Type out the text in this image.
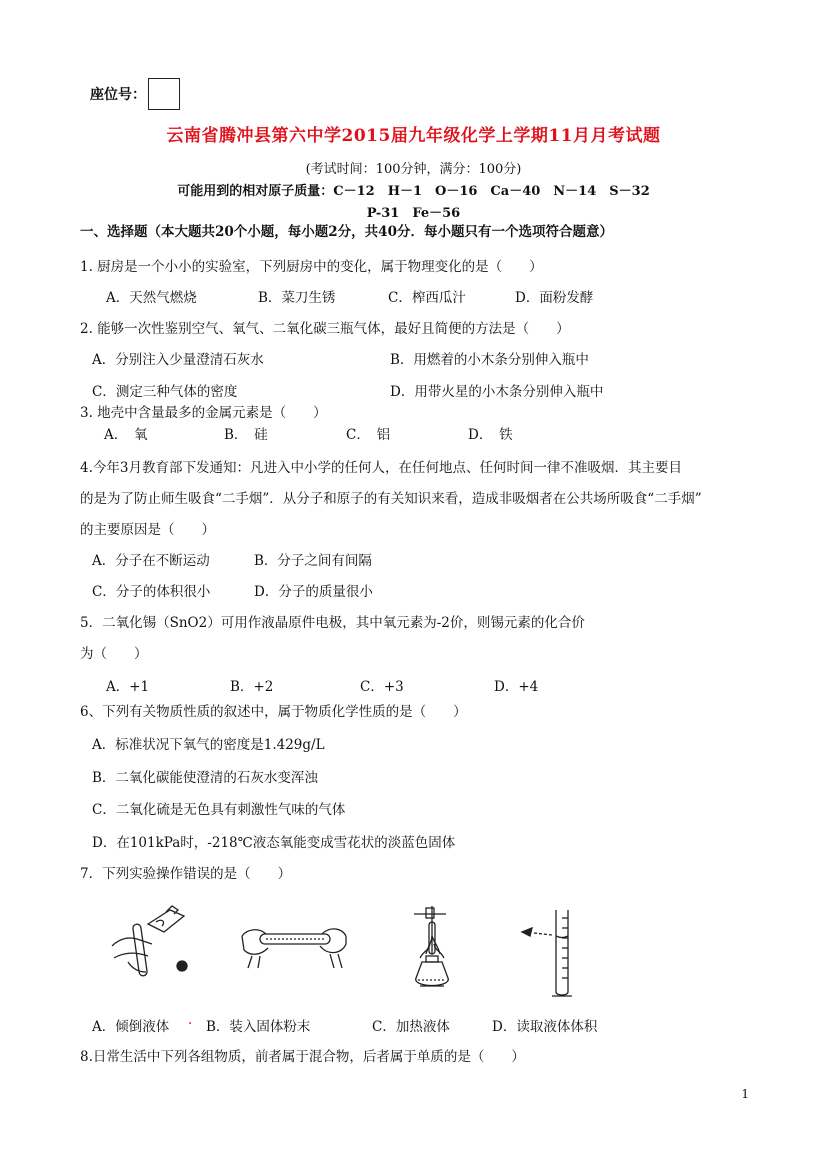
座位号：
云南省腾冲县第六中学2015届九年级化学上学期11月月考试题
(考试时间：100分钟，满分：100分)
可能用到的相对原子质量：C－12　H－1　O－16　Ca－40　N－14　S－32
P-31　Fe－56
一、选择题（本大题共20个小题，每小题2分，共40分．每小题只有一个选项符合题意）
1. 厨房是一个小小的实验室，下列厨房中的变化，属于物理变化的是（　　）
A．天然气燃烧	B．菜刀生锈	C．榨西瓜汁	D．面粉发酵
2. 能够一次性鉴别空气、氧气、二氧化碳三瓶气体，最好且简便的方法是（　　）
A．分别注入少量澄清石灰水	B．用燃着的小木条分别伸入瓶中
C．测定三种气体的密度	D．用带火星的小木条分别伸入瓶中
3. 地壳中含量最多的金属元素是（　　）
A．　氧	B．　硅	C．　铝	D．　铁
4.今年3月教育部下发通知：凡进入中小学的任何人，在任何地点、任何时间一律不准吸烟．其主要目
的是为了防止师生吸食“二手烟”．从分子和原子的有关知识来看，造成非吸烟者在公共场所吸食“二手烟”
的主要原因是（　　）
A．分子在不断运动	B．分子之间有间隔
C．分子的体积很小	D．分子的质量很小
5．二氧化锡（SnO2）可用作液晶原件电极，其中氧元素为-2价，则锡元素的化合价
为（　　）
A．+1	B．+2	C．+3	D．+4
6、下列有关物质性质的叙述中，属于物质化学性质的是（　　）
A．标准状况下氧气的密度是1.429g/L
B．二氧化碳能使澄清的石灰水变浑浊
C．二氧化硫是无色具有刺激性气味的气体
D．在101kPa时，-218℃液态氧能变成雪花状的淡蓝色固体
7．下列实验操作错误的是（　　）
A．倾倒液体 . B．装入固体粉末	C．加热液体	D．读取液体体积
8.日常生活中下列各组物质，前者属于混合物，后者属于单质的是（　　）
1
